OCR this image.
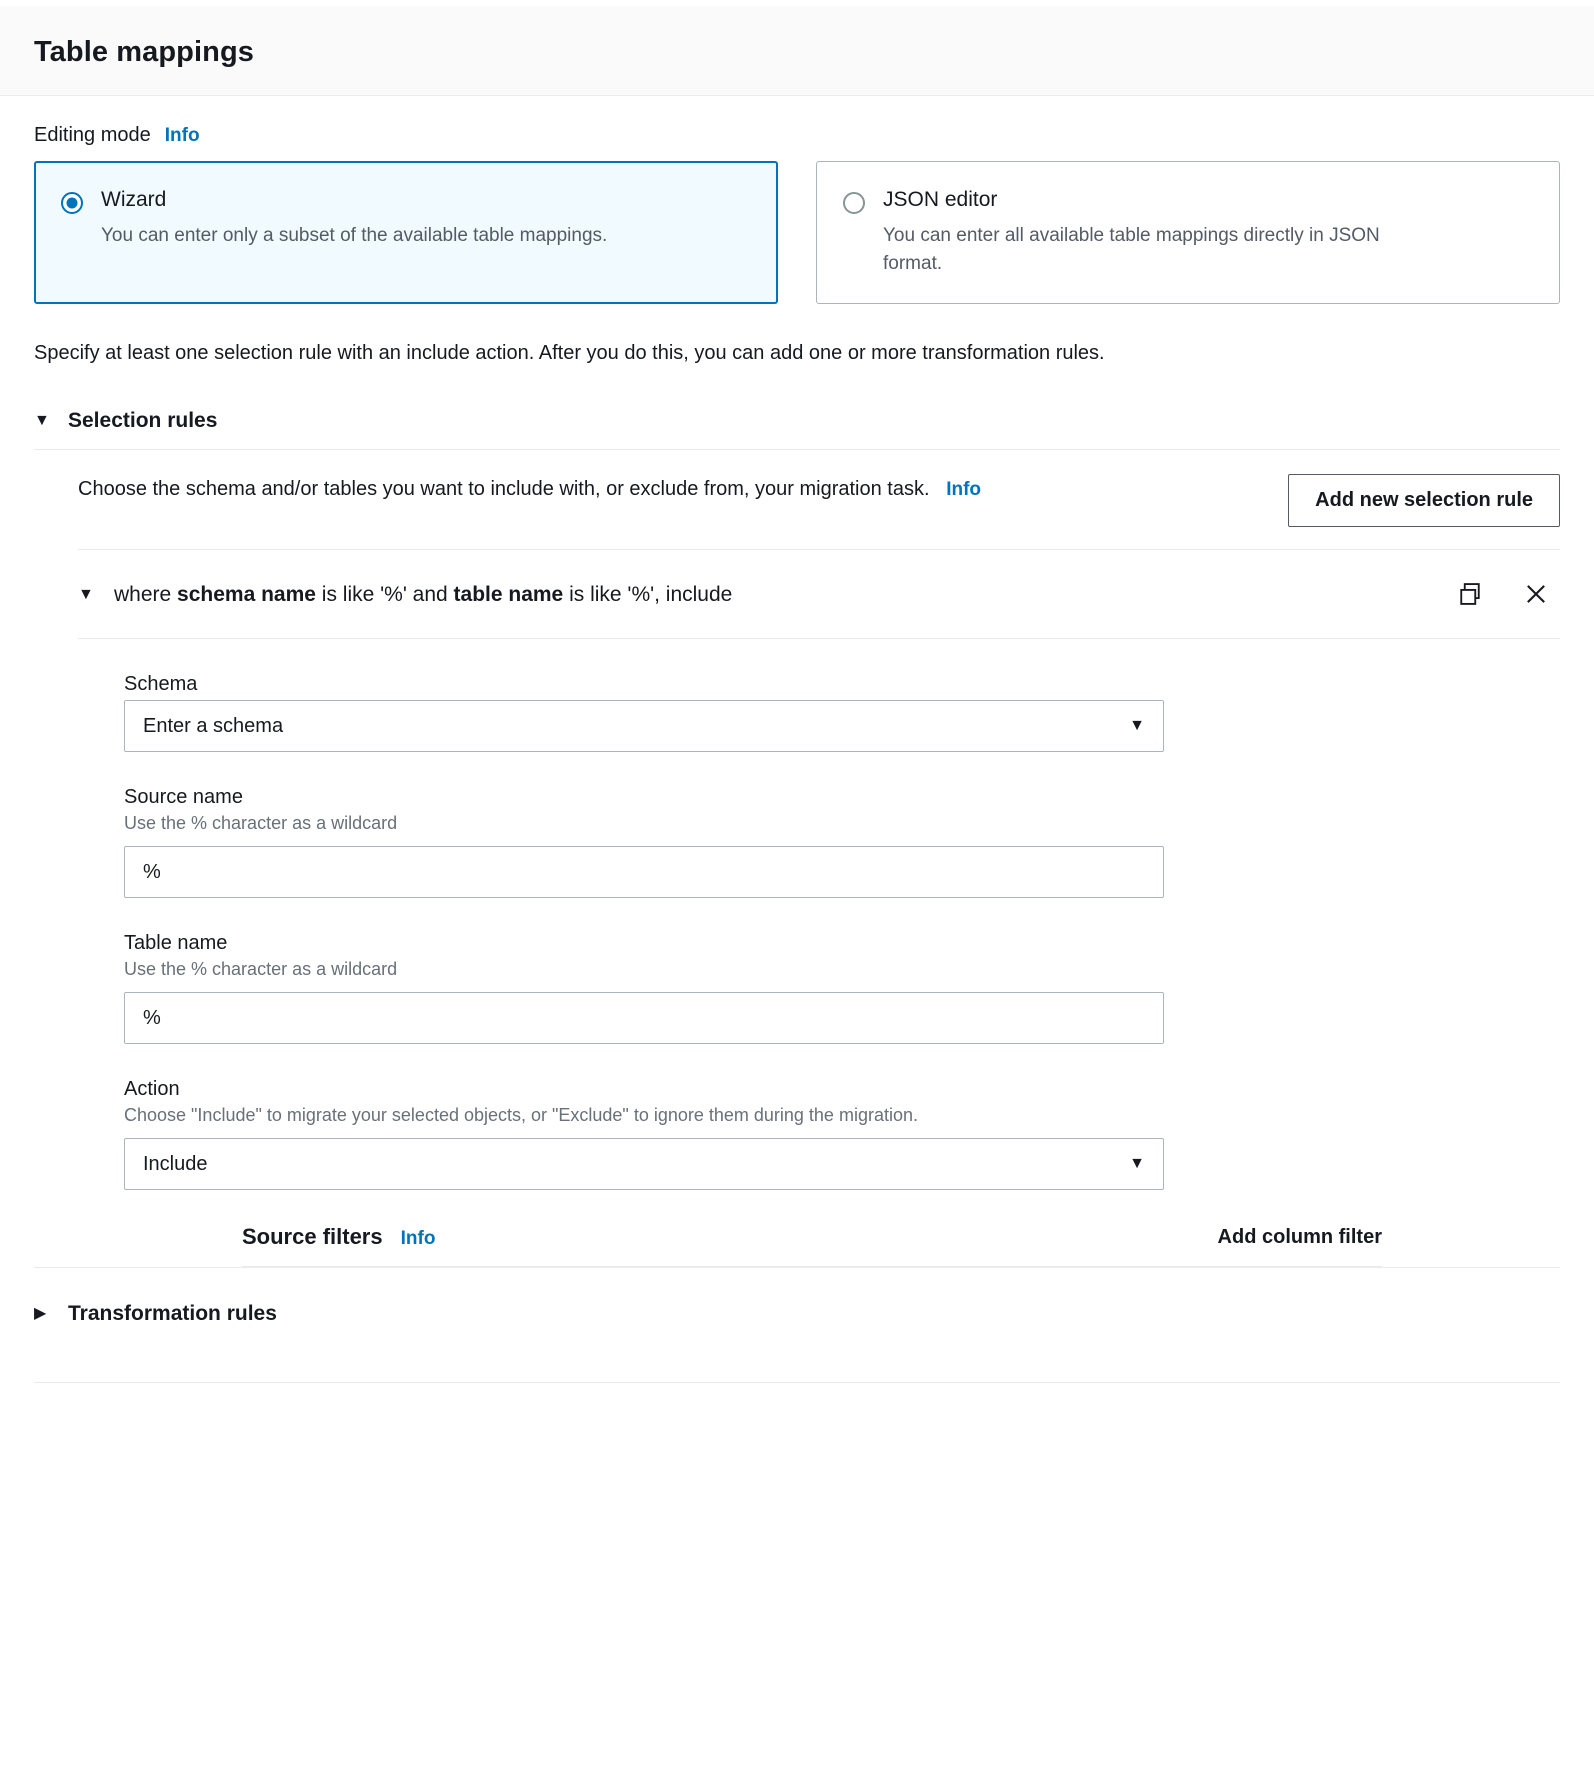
Table mappings
Editing mode Info
Wizard
You can enter only a subset of the available table mappings.
JSON editor
You can enter all available table mappings directly in JSON format.
Specify at least one selection rule with an include action. After you do this, you can add one or more transformation rules.
▼ Selection rules
Choose the schema and/or tables you want to include with, or exclude from, your migration task. Info	Add new selection rule
▼ where schema name is like '%' and table name is like '%', include
Schema
Enter a schema	▼
Source name
Use the % character as a wildcard
%
Table name
Use the % character as a wildcard
%
Action
Choose "Include" to migrate your selected objects, or "Exclude" to ignore them during the migration.
Include	▼
Source filters Info	Add column filter
▶ Transformation rules
